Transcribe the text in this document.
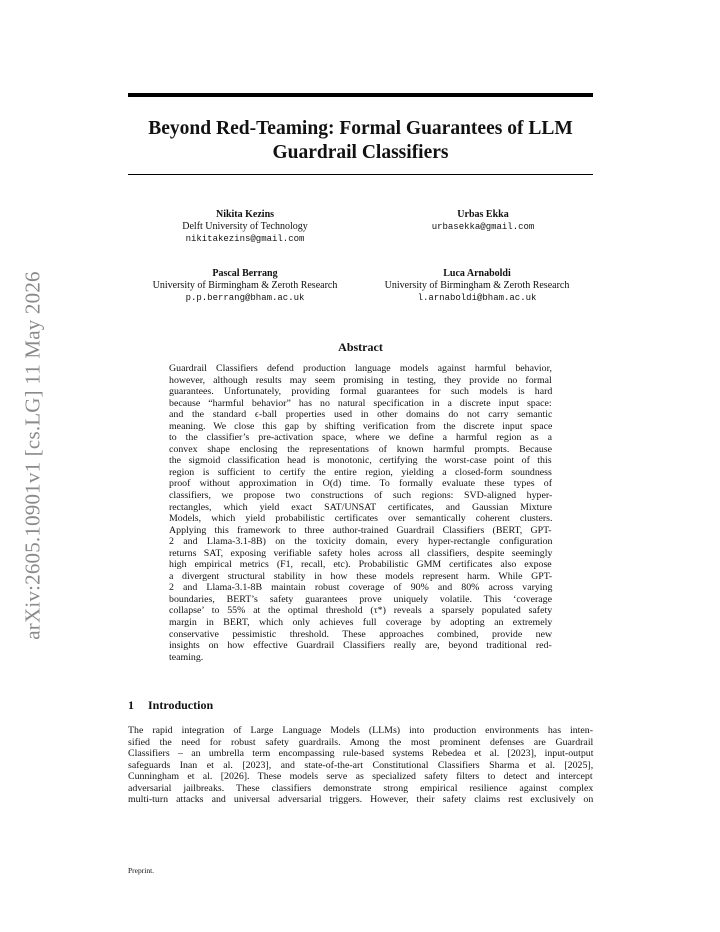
arXiv:2605.10901v1 [cs.LG] 11 May 2026
Beyond Red-Teaming: Formal Guarantees of LLM
Guardrail Classifiers
Nikita Kezins
Delft University of Technology
nikitakezins@gmail.com
Urbas Ekka
urbasekka@gmail.com
Pascal Berrang
University of Birmingham & Zeroth Research
p.p.berrang@bham.ac.uk
Luca Arnaboldi
University of Birmingham & Zeroth Research
l.arnaboldi@bham.ac.uk
Abstract
Guardrail Classifiers defend production language models against harmful behavior,
however, although results may seem promising in testing, they provide no formal
guarantees. Unfortunately, providing formal guarantees for such models is hard
because “harmful behavior” has no natural specification in a discrete input space:
and the standard ϵ-ball properties used in other domains do not carry semantic
meaning. We close this gap by shifting verification from the discrete input space
to the classifier’s pre-activation space, where we define a harmful region as a
convex shape enclosing the representations of known harmful prompts. Because
the sigmoid classification head is monotonic, certifying the worst-case point of this
region is sufficient to certify the entire region, yielding a closed-form soundness
proof without approximation in O(d) time. To formally evaluate these types of
classifiers, we propose two constructions of such regions: SVD-aligned hyper-
rectangles, which yield exact SAT/UNSAT certificates, and Gaussian Mixture
Models, which yield probabilistic certificates over semantically coherent clusters.
Applying this framework to three author-trained Guardrail Classifiers (BERT, GPT-
2 and Llama-3.1-8B) on the toxicity domain, every hyper-rectangle configuration
returns SAT, exposing verifiable safety holes across all classifiers, despite seemingly
high empirical metrics (F1, recall, etc). Probabilistic GMM certificates also expose
a divergent structural stability in how these models represent harm. While GPT-
2 and Llama-3.1-8B maintain robust coverage of 90% and 80% across varying
boundaries, BERT’s safety guarantees prove uniquely volatile. This ‘coverage
collapse’ to 55% at the optimal threshold (τ*) reveals a sparsely populated safety
margin in BERT, which only achieves full coverage by adopting an extremely
conservative pessimistic threshold. These approaches combined, provide new
insights on how effective Guardrail Classifiers really are, beyond traditional red-
teaming.
1 Introduction
The rapid integration of Large Language Models (LLMs) into production environments has inten-
sified the need for robust safety guardrails. Among the most prominent defenses are Guardrail
Classifiers – an umbrella term encompassing rule-based systems Rebedea et al. [2023], input-output
safeguards Inan et al. [2023], and state-of-the-art Constitutional Classifiers Sharma et al. [2025],
Cunningham et al. [2026]. These models serve as specialized safety filters to detect and intercept
adversarial jailbreaks. These classifiers demonstrate strong empirical resilience against complex
multi-turn attacks and universal adversarial triggers. However, their safety claims rest exclusively on
Preprint.
